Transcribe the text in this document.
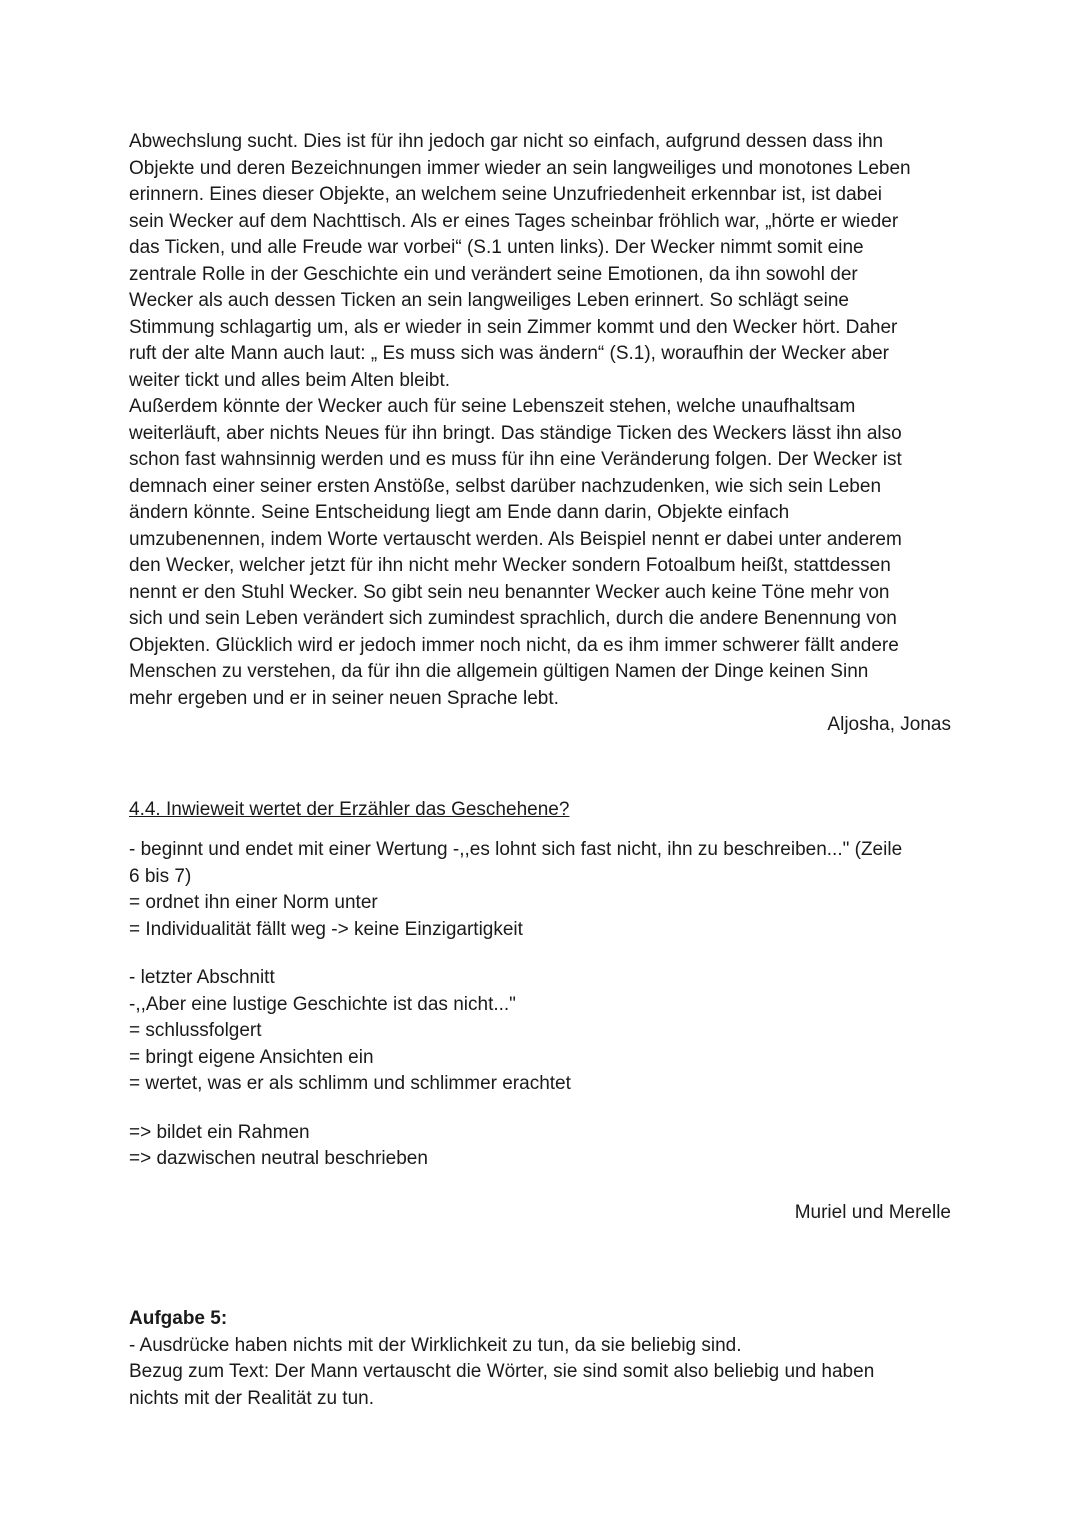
Abwechslung sucht. Dies ist für ihn jedoch gar nicht so einfach, aufgrund dessen dass ihn

Objekte und deren Bezeichnungen immer wieder an sein langweiliges und monotones Leben

erinnern. Eines dieser Objekte, an welchem seine Unzufriedenheit erkennbar ist, ist dabei

sein Wecker auf dem Nachttisch. Als er eines Tages scheinbar fröhlich war, „hörte er wieder

das Ticken, und alle Freude war vorbei“ (S.1 unten links). Der Wecker nimmt somit eine

zentrale Rolle in der Geschichte ein und verändert seine Emotionen, da ihn sowohl der

Wecker als auch dessen Ticken an sein langweiliges Leben erinnert. So schlägt seine

Stimmung schlagartig um, als er wieder in sein Zimmer kommt und den Wecker hört. Daher

ruft der alte Mann auch laut: „ Es muss sich was ändern“ (S.1), woraufhin der Wecker aber

weiter tickt und alles beim Alten bleibt.

Außerdem könnte der Wecker auch für seine Lebenszeit stehen, welche unaufhaltsam

weiterläuft, aber nichts Neues für ihn bringt. Das ständige Ticken des Weckers lässt ihn also

schon fast wahnsinnig werden und es muss für ihn eine Veränderung folgen. Der Wecker ist

demnach einer seiner ersten Anstöße, selbst darüber nachzudenken, wie sich sein Leben

ändern könnte. Seine Entscheidung liegt am Ende dann darin, Objekte einfach

umzubenennen, indem Worte vertauscht werden. Als Beispiel nennt er dabei unter anderem

den Wecker, welcher jetzt für ihn nicht mehr Wecker sondern Fotoalbum heißt, stattdessen

nennt er den Stuhl Wecker. So gibt sein neu benannter Wecker auch keine Töne mehr von

sich und sein Leben verändert sich zumindest sprachlich, durch die andere Benennung von

Objekten. Glücklich wird er jedoch immer noch nicht, da es ihm immer schwerer fällt andere

Menschen zu verstehen, da für ihn die allgemein gültigen Namen der Dinge keinen Sinn

mehr ergeben und er in seiner neuen Sprache lebt.

Aljosha, Jonas

4.4. Inwieweit wertet der Erzähler das Geschehene?

- beginnt und endet mit einer Wertung -,,es lohnt sich fast nicht, ihn zu beschreiben..." (Zeile

6 bis 7)

= ordnet ihn einer Norm unter

= Individualität fällt weg -> keine Einzigartigkeit

- letzter Abschnitt

-,,Aber eine lustige Geschichte ist das nicht..."

= schlussfolgert

= bringt eigene Ansichten ein

= wertet, was er als schlimm und schlimmer erachtet

=> bildet ein Rahmen

=> dazwischen neutral beschrieben

Muriel und Merelle

Aufgabe 5:

- Ausdrücke haben nichts mit der Wirklichkeit zu tun, da sie beliebig sind.

Bezug zum Text: Der Mann vertauscht die Wörter, sie sind somit also beliebig und haben

nichts mit der Realität zu tun.
